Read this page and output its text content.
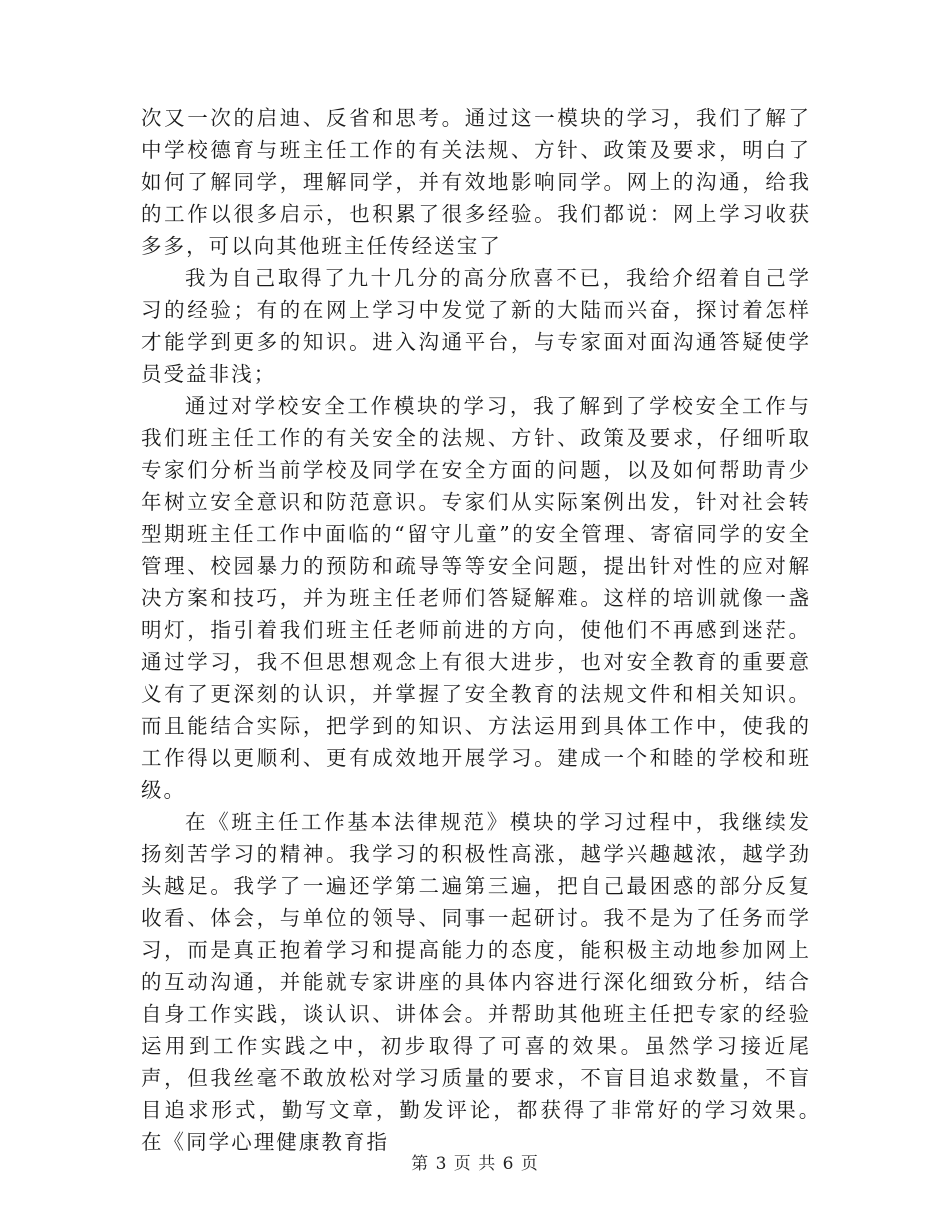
次又一次的启迪、反省和思考。通过这一模块的学习，我们了解了中学校德育与班主任工作的有关法规、方针、政策及要求，明白了如何了解同学，理解同学，并有效地影响同学。网上的沟通，给我的工作以很多启示，也积累了很多经验。我们都说：网上学习收获多多，可以向其他班主任传经送宝了

我为自己取得了九十几分的高分欣喜不已，我给介绍着自己学习的经验；有的在网上学习中发觉了新的大陆而兴奋，探讨着怎样才能学到更多的知识。进入沟通平台，与专家面对面沟通答疑使学员受益非浅；

通过对学校安全工作模块的学习，我了解到了学校安全工作与我们班主任工作的有关安全的法规、方针、政策及要求，仔细听取专家们分析当前学校及同学在安全方面的问题，以及如何帮助青少年树立安全意识和防范意识。专家们从实际案例出发，针对社会转型期班主任工作中面临的“留守儿童”的安全管理、寄宿同学的安全管理、校园暴力的预防和疏导等等安全问题，提出针对性的应对解决方案和技巧，并为班主任老师们答疑解难。这样的培训就像一盏明灯，指引着我们班主任老师前进的方向，使他们不再感到迷茫。通过学习，我不但思想观念上有很大进步，也对安全教育的重要意义有了更深刻的认识，并掌握了安全教育的法规文件和相关知识。而且能结合实际，把学到的知识、方法运用到具体工作中，使我的工作得以更顺利、更有成效地开展学习。建成一个和睦的学校和班级。

在《班主任工作基本法律规范》模块的学习过程中，我继续发扬刻苦学习的精神。我学习的积极性高涨，越学兴趣越浓，越学劲头越足。我学了一遍还学第二遍第三遍，把自己最困惑的部分反复收看、体会，与单位的领导、同事一起研讨。我不是为了任务而学习，而是真正抱着学习和提高能力的态度，能积极主动地参加网上的互动沟通，并能就专家讲座的具体内容进行深化细致分析，结合自身工作实践，谈认识、讲体会。并帮助其他班主任把专家的经验运用到工作实践之中，初步取得了可喜的效果。虽然学习接近尾声，但我丝毫不敢放松对学习质量的要求，不盲目追求数量，不盲目追求形式，勤写文章，勤发评论，都获得了非常好的学习效果。　在《同学心理健康教育指

第 3 页 共 6 页
